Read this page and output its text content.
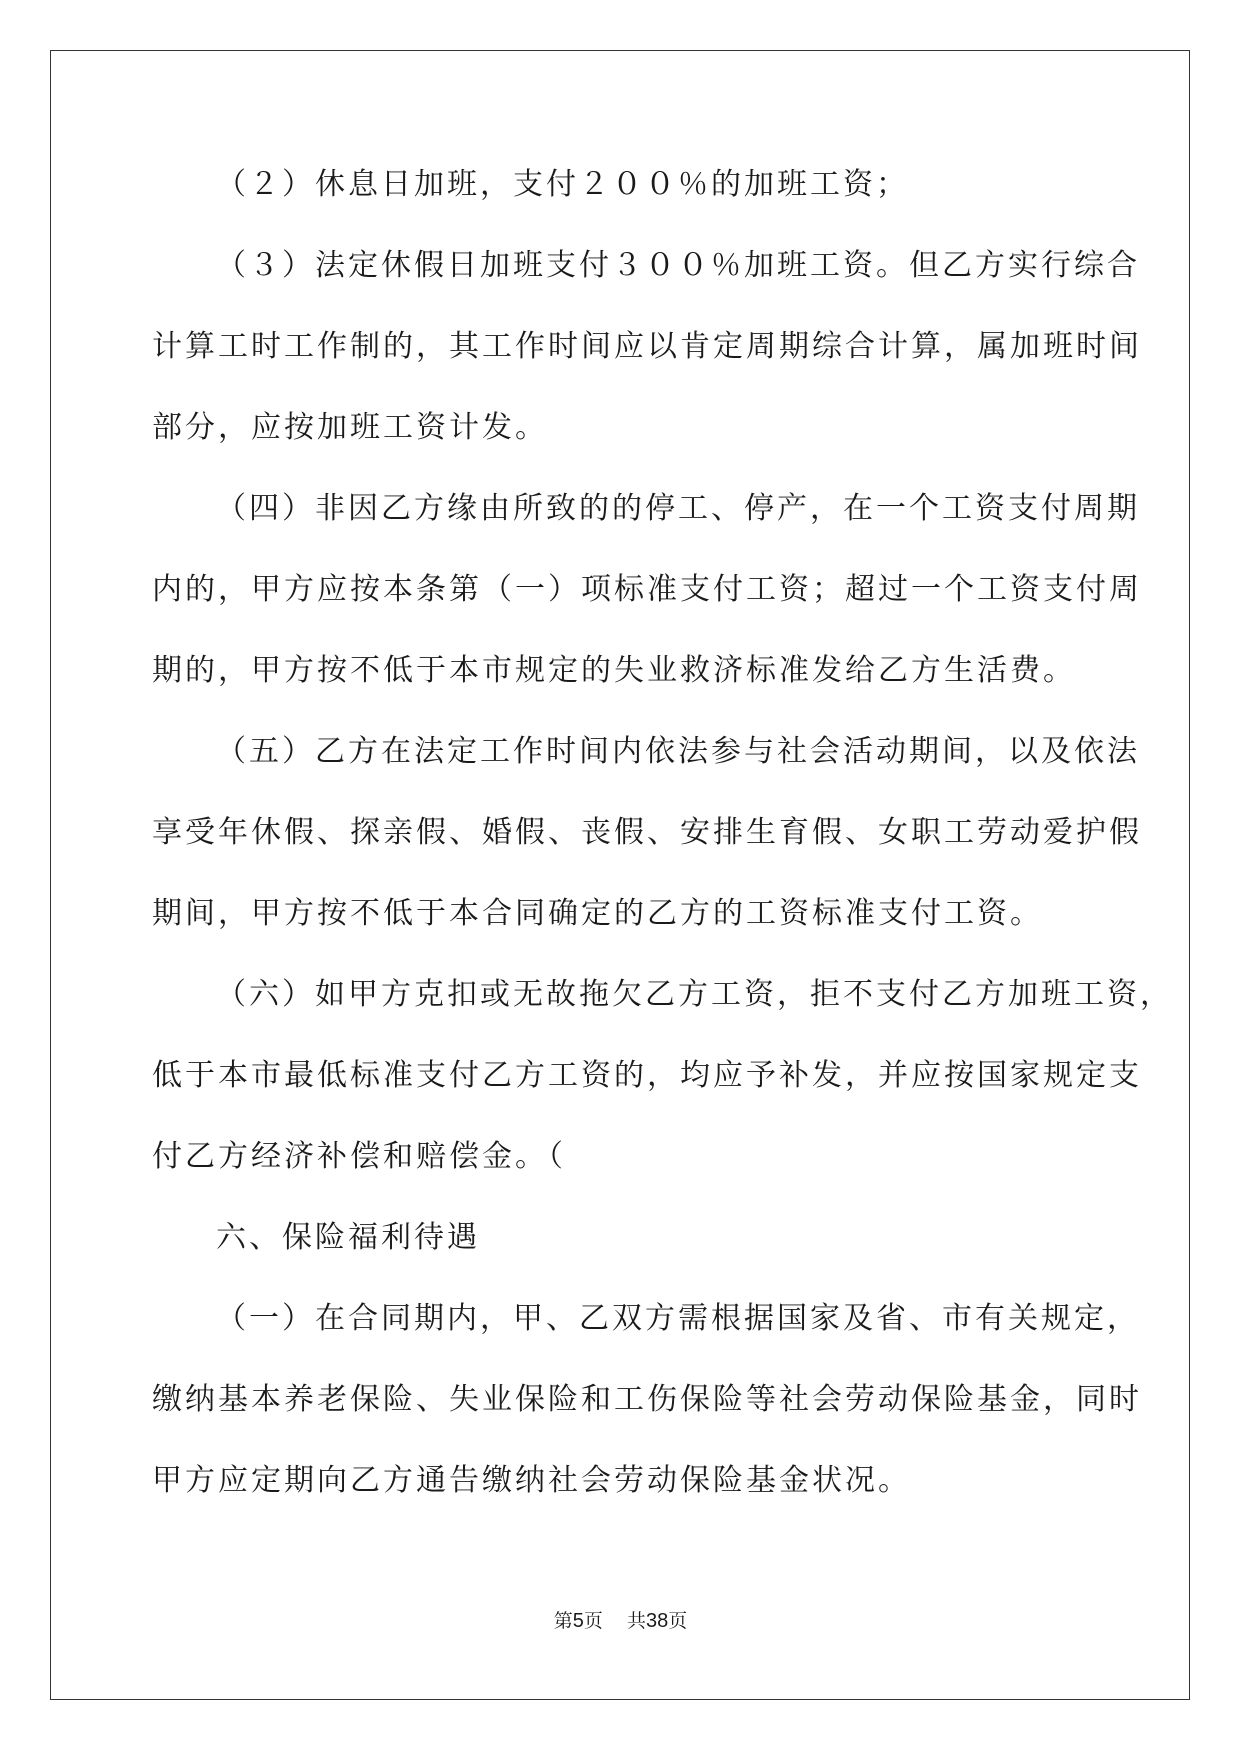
（２）休息日加班，支付２００％的加班工资；

（３）法定休假日加班支付３００％加班工资。但乙方实行综合

计算工时工作制的，其工作时间应以肯定周期综合计算，属加班时间

部分，应按加班工资计发。

（四）非因乙方缘由所致的的停工、停产，在一个工资支付周期

内的，甲方应按本条第（一）项标准支付工资；超过一个工资支付周

期的，甲方按不低于本市规定的失业救济标准发给乙方生活费。

（五）乙方在法定工作时间内依法参与社会活动期间，以及依法

享受年休假、探亲假、婚假、丧假、安排生育假、女职工劳动爱护假

期间，甲方按不低于本合同确定的乙方的工资标准支付工资。

（六）如甲方克扣或无故拖欠乙方工资，拒不支付乙方加班工资，

低于本市最低标准支付乙方工资的，均应予补发，并应按国家规定支

付乙方经济补偿和赔偿金。（

六、保险福利待遇

（一）在合同期内，甲、乙双方需根据国家及省、市有关规定，

缴纳基本养老保险、失业保险和工伤保险等社会劳动保险基金，同时

甲方应定期向乙方通告缴纳社会劳动保险基金状况。

第5页 共38页
